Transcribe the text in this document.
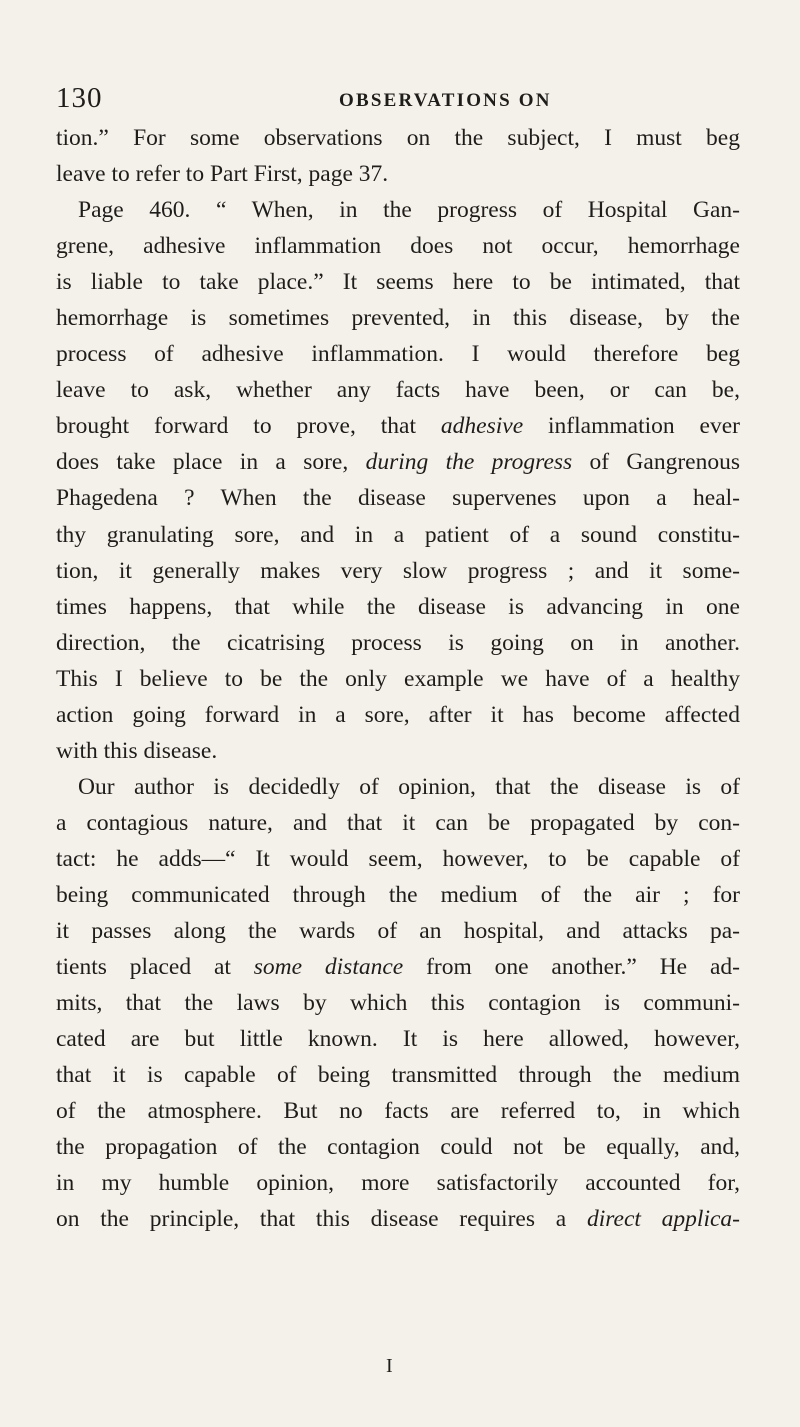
130	OBSERVATIONS ON
tion.” For some observations on the subject, I must beg
leave to refer to Part First, page 37.
Page 460. “ When, in the progress of Hospital Gan-
grene, adhesive inflammation does not occur, hemorrhage
is liable to take place.” It seems here to be intimated, that
hemorrhage is sometimes prevented, in this disease, by the
process of adhesive inflammation. I would therefore beg
leave to ask, whether any facts have been, or can be,
brought forward to prove, that adhesive inflammation ever
does take place in a sore, during the progress of Gangrenous
Phagedena ? When the disease supervenes upon a heal-
thy granulating sore, and in a patient of a sound constitu-
tion, it generally makes very slow progress ; and it some-
times happens, that while the disease is advancing in one
direction, the cicatrising process is going on in another.
This I believe to be the only example we have of a healthy
action going forward in a sore, after it has become affected
with this disease.
Our author is decidedly of opinion, that the disease is of
a contagious nature, and that it can be propagated by con-
tact: he adds—“ It would seem, however, to be capable of
being communicated through the medium of the air ; for
it passes along the wards of an hospital, and attacks pa-
tients placed at some distance from one another.” He ad-
mits, that the laws by which this contagion is communi-
cated are but little known. It is here allowed, however,
that it is capable of being transmitted through the medium
of the atmosphere. But no facts are referred to, in which
the propagation of the contagion could not be equally, and,
in my humble opinion, more satisfactorily accounted for,
on the principle, that this disease requires a direct applica-
I
